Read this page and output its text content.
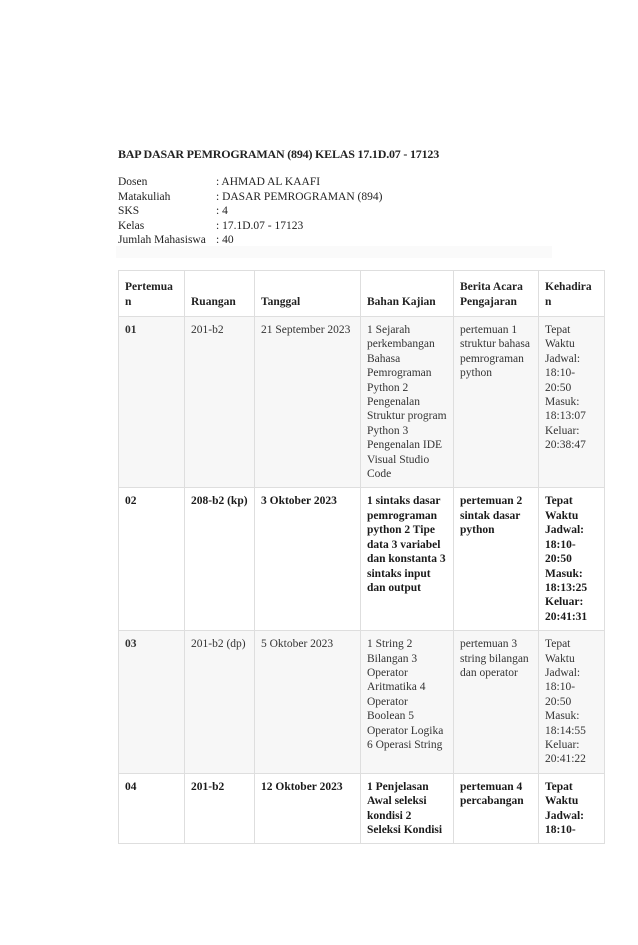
BAP DASAR PEMROGRAMAN (894) KELAS 17.1D.07 - 17123
Dosen	: AHMAD AL KAAFI
Matakuliah	: DASAR PEMROGRAMAN (894)
SKS	: 4
Kelas	: 17.1D.07 - 17123
Jumlah Mahasiswa : 40
Pertemuan	Ruangan	Tanggal	Bahan Kajian	Berita Acara Pengajaran	Kehadiran
01	201-b2	21 September 2023	1 Sejarah perkembangan Bahasa Pemrograman Python 2 Pengenalan Struktur program Python 3 Pengenalan IDE Visual Studio Code	pertemuan 1 struktur bahasa pemrograman python	Tepat Waktu Jadwal: 18:10-20:50 Masuk: 18:13:07 Keluar: 20:38:47
02	208-b2 (kp)	3 Oktober 2023	1 sintaks dasar pemrograman python 2 Tipe data 3 variabel dan konstanta 3 sintaks input dan output	pertemuan 2 sintak dasar python	Tepat Waktu Jadwal: 18:10-20:50 Masuk: 18:13:25 Keluar: 20:41:31
03	201-b2 (dp)	5 Oktober 2023	1 String 2 Bilangan 3 Operator Aritmatika 4 Operator Boolean 5 Operator Logika 6 Operasi String	pertemuan 3 string bilangan dan operator	Tepat Waktu Jadwal: 18:10-20:50 Masuk: 18:14:55 Keluar: 20:41:22
04	201-b2	12 Oktober 2023	1 Penjelasan Awal seleksi kondisi 2 Seleksi Kondisi	pertemuan 4 percabangan	Tepat Waktu Jadwal: 18:10-
